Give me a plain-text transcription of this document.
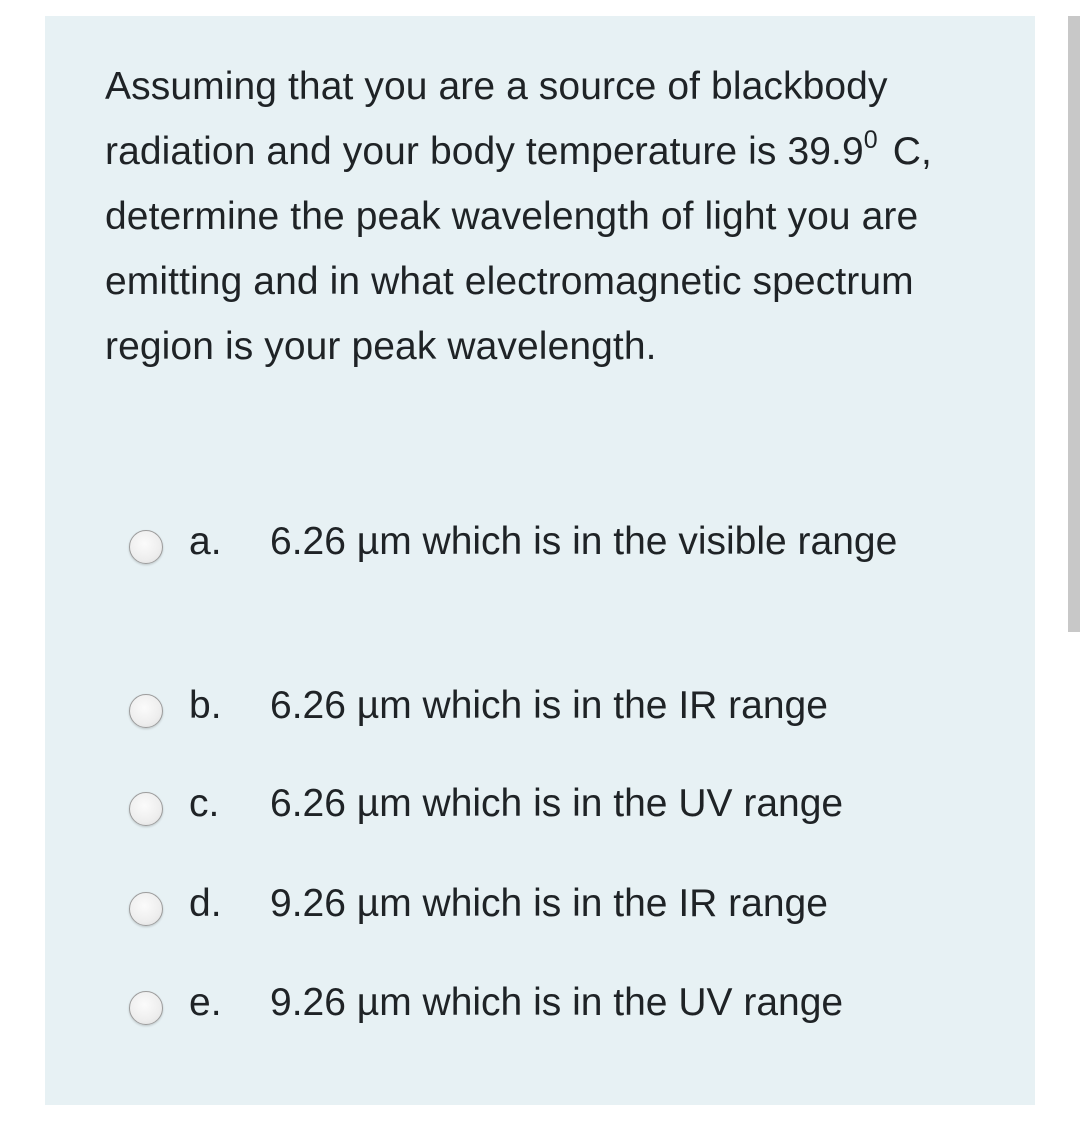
Assuming that you are a source of blackbody radiation and your body temperature is 39.9$^0$ C, determine the peak wavelength of light you are emitting and in what electromagnetic spectrum region is your peak wavelength.
a. 6.26 µm which is in the visible range
b. 6.26 µm which is in the IR range
c. 6.26 µm which is in the UV range
d. 9.26 µm which is in the IR range
e. 9.26 µm which is in the UV range
